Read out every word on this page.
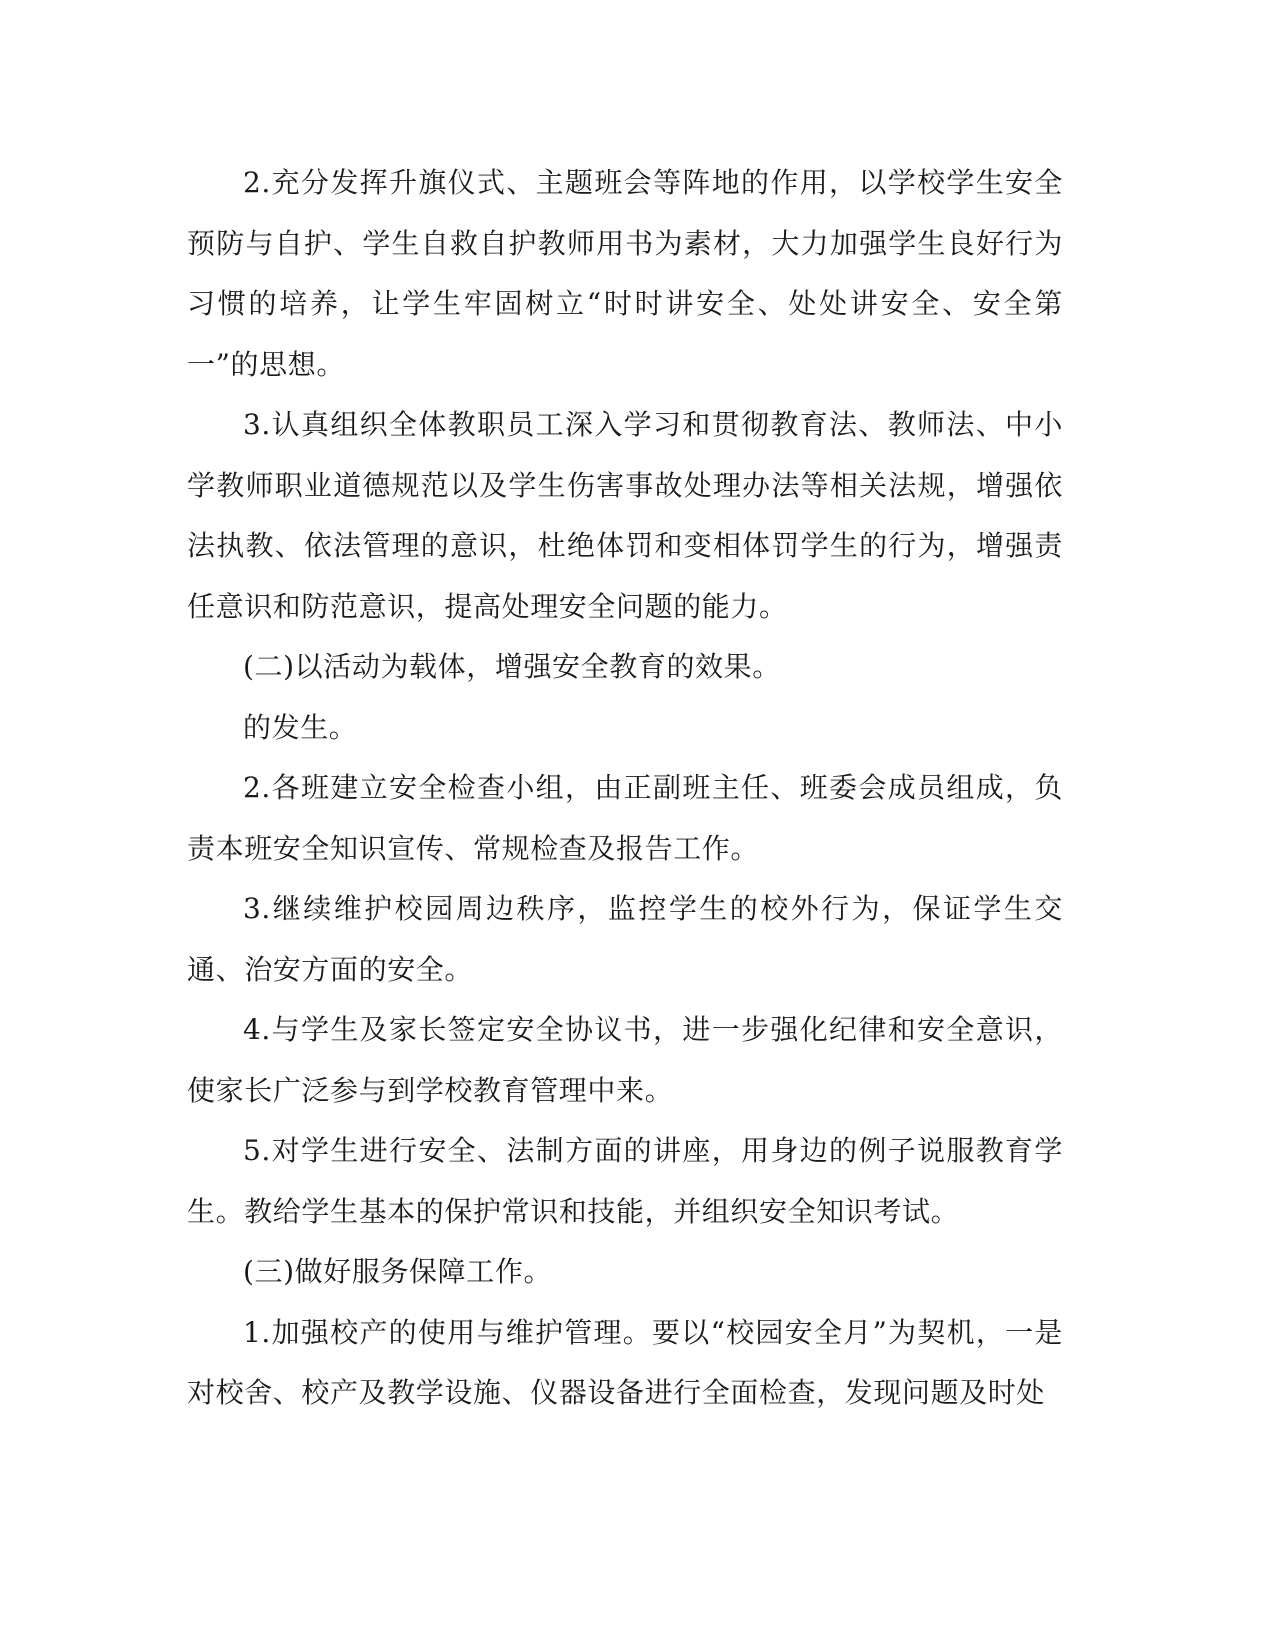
2.充分发挥升旗仪式、主题班会等阵地的作用，以学校学生安全预防与自护、学生自救自护教师用书为素材，大力加强学生良好行为习惯的培养，让学生牢固树立“时时讲安全、处处讲安全、安全第一”的思想。

3.认真组织全体教职员工深入学习和贯彻教育法、教师法、中小学教师职业道德规范以及学生伤害事故处理办法等相关法规，增强依法执教、依法管理的意识，杜绝体罚和变相体罚学生的行为，增强责任意识和防范意识，提高处理安全问题的能力。

(二)以活动为载体，增强安全教育的效果。

的发生。

2.各班建立安全检查小组，由正副班主任、班委会成员组成，负责本班安全知识宣传、常规检查及报告工作。

3.继续维护校园周边秩序，监控学生的校外行为，保证学生交通、治安方面的安全。

4.与学生及家长签定安全协议书，进一步强化纪律和安全意识，使家长广泛参与到学校教育管理中来。

5.对学生进行安全、法制方面的讲座，用身边的例子说服教育学生。教给学生基本的保护常识和技能，并组织安全知识考试。

(三)做好服务保障工作。

1.加强校产的使用与维护管理。要以“校园安全月”为契机，一是对校舍、校产及教学设施、仪器设备进行全面检查，发现问题及时处
